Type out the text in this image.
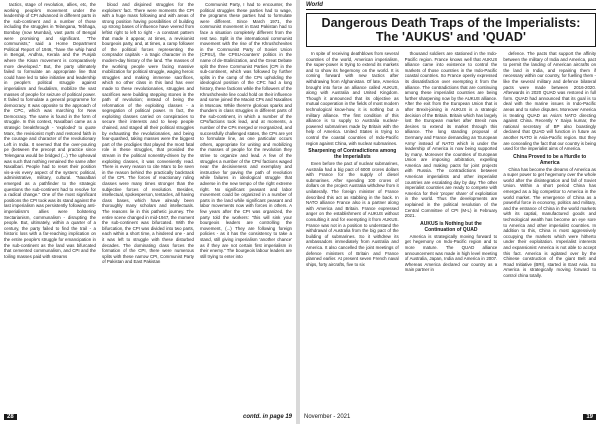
tactics, stage of revolution, allies, etc, the working people's movement under the leadership of CPI advanced in different parts in the sub-continent and a number of those including the struggles in Telangana, Tebhaga, Bombay (now Mumbai), vast parts of Bengal were promising and significant. "The communists," said a Home Department Political Report of 1946, "have the whip hand in Bengal, Andhra, Kerala and the Punjab where the Kisan movement is comparatively more developed." But, the party ultimately failed to formulate an appropriate line that could have led to take initiative and leadership in people's political struggle against imperialism and feudalism, mobilize the vast masses of people for seizure of political power. It failed to formulate a general programme for democracy. It was opposite to the approach of the CPC, which was marching for New Democracy. The same is found in the form of struggle. In this context, Naxalbari came as a strategic breakthrough - 'exploded' to quote Marx, the revisionist myth and restored faith in the courage and character of the revolutionary Left in India. It seemed that the over-pouring pe (between the precept and practice since Telengana would be bridged (...) The upheaval was such that nothing remained the same after Naxalbari. People had to reset their position vis-a-vis every aspect of the system; political, administrative, military, cultural. "Naxalbari emerged as a pathfinder to the strategic questions the sub-continent had to resolve for a radical change." One of the most significant positions the CPI took was its stand against the last imperialism was persistently following anti-imperialism's allies were bolstering Sectarianism, communalism - disrupting the people. But, ultimately, within a quarter of a century, the party failed to find the trail - a historic loss with a far-reaching implication on the entire people's struggle for emancipation in the sub-continent as the land was bifurcated that cemented communalism, and CPI and the toiling masses paid with streams

blood and disjoined struggles for the exploiters' fact. There were moments the CPI with a huge mass following and with areas of strong position having possibilities of building up strong bases of influence have veered from leftist right to left to right - a constant pattern that made it appear, at times, a revisionist bourgeois party, and, at times, a camp follower of the political forces representing the comprador capitals - a tragic character in the modern-day history of the land. The masses of the working people were facing massive mobilization for political struggle, waging heroic struggles and making immense sacrifices, which no other class in this land has ever made to these revolutionaries, struggles and sacrifices were building stepping stones in the path of revolution; instead of being the reformation of the exploiting classes - a segregation of political power. In fact, the exploiting classes carried on conspiracies to secure their interests and to keep people chained, and staged all their political struggles by exhausting the revolutionaries, and being fear-quashed, taking masses were the biggest part of the prodigies that played the most fatal role in these struggles, that provided the stream in the political nonentity-driven by the exploiting classes, it was conveniently read. There is every reason to cite Marx to be seen in the reason behind the practically backtrack of the CPI. The forces of reactionary ruling classes were many times stronger than the subjective forces of revolution. Besides, intellectual, spokesperson, tentacles, all having class bases, which have already been thoroughly many scholars and intellectuals. The reasons lie in this pathetic journey. The entire scene changed in mid-1947, the moment the sub-continent was bifurcated. With the bifurcation, the CPI was divided into two parts, each within a short time, a hindered one - and it was left to struggle with these disturbed decades. The dominating class forces the formation of the CPI, there were numerous splits with these narrow CPI, Communist Party of Pakistan and East Pakistan

Communist Party, I had to encounter, the political struggles these parties had to wage, the programs these parties had to formulate were different. Since March 1971, the communist movement in East Pakistan had to face a situation completely different from the rest two. Split in the international communist movement with the rise of the Khrushchevites in the Communist Party of Soviet Union (CPSU), the CPSU-counters' politics in the name of de-Stalinization, and the Great Debate split the three Communist Parties (CPI in the sub-continent, which was followed by further splits in the camp of the CPs upholding the ideological position of the CPC had a long history, these factions while the followers of the Khrushchevite line could hold on their influence and some joined the Maoist CPs and Naxalites in Moscow. While there're glorious sparks and thunders in class struggles in different parts of the sub-continent, in which a number of the CPs/factions took lead, and at moments, a number of the CPs merged or reorganized, and successfully challenged states, the CPs are yet to formulate line, as one particular occurs others, appropriate for uniting and mobilizing the masses of people for the revolution they strive to organize and lead. A few of the struggles a number of the CPs/ factions waged near the decisiveness and exemplary and instructive for paving the path of revolution while failures in ideological struggle that adverse in the new tempo of the right extreme right. No significant peasant and labor movement could be organized in a number of parts in the land while significant peasant and labor movements now with forces in others. A few years after the CPI was organized, the party told the workers: "this will sink your bourgeois leaders are controlling the movement, (...) They are following foreign policies - as it has the consistency to take a stand, still giving imperialism 'another chance' as if they are not certain first imperialism in their enemy." The bourgeois labour leaders are still trying to enter into

28	contd. in page 19
World
Dangerous Death Traps of the Imperialists:
The 'AUKUS' and 'QUAD'

In spite of receiving deathblows from several countries of the world, American imperialism, the super-power is trying to extend its markets and to show its hegemony on the world. It is coming forward with new tactics after withdrawing from Afghanistan. Of late, America brought into force an alliance called AUKUS, along with Australia and United Kingdom. Though it announced that its objective as mutual cooperation in the fields of most modern technological know-how, it is nothing but a military alliance. The first condition of this alliance is to supply to Australia nuclear-powered submarines made by Britain with the help of America. United States is trying to control the coastal countries of Indo-Pacific region against China, with nuclear submarines.

Sharpening of Contradictions among the Imperialists

Even before the pact of nuclear submarines, Australia had a big pact of 6000 crores dollars with France for the supply of diesel submarines. After spending 100 crores of dollars on the project Australia withdrew from it unilaterally. The foreign minister of France described this act as stabbing in the back. In NATO alliance France also is a partner along with America and Britain. France expressed anger on the establishment of AUKUS without consulting it and for exempting it from AUKUS. France was not in a position to understand the withdrawal of Australia from the big pact of the building of submarines. So it withdrew its ambassadors immediately from Australia and America. It also cancelled the joint meetings of defence ministers of Britain and France planned earlier. At present seven French naval ships, forty aircrafts, five to six

thousand soldiers are stationed in the Indo-Pacific region. France knows well that AUKUS alliance came into existence to control the markets of those countries in the Indo-Pacific coastal countries. So France openly expressed its dissatisfaction over exempting it from the alliance. The contradictions that are continuing among these imperialist countries are being further sharpening now by the AUKUS alliance. After the exit from the European Union that is after Brexit-joining in AUKUS is a strategic decision of the Britain. Britain which has largely lost the European market after Brexit now desires to extend its market through this alliance. The long standing proposal of Germany and France demanding an 'European Army' instead of NATO which is under the leadership of America is now being supported by many. Moreover the countries of European Union are imposing arbitration, expelling America and making pacts for joint projects with Russia. The contradictions between American imperialists and other imperialist countries are escalating day by day. The other imperialist countries are ready to compete with America for their 'proper share' of exploitation in the world. Thus the developments are explained in the political resolution of the Central Committee of CPI (M-L) in February 2021.

AUKUS is Nothing but the Continuation of QUAD

America is strategically moving forward to get hegemony on Indo-Pacific region and to more mature. The QUAD alliance announcement was made in high level meeting of Australia, Japan, India and America in 2007. Whereas America declared our country as a main partner in

defence. The pacts that support the affinity between the military of India and America, pact to permit the landing of American aircrafts on the land in India, and repairing them if necessary within our country, for fuelling them - like the several military and defence bilateral pacts were made between 2016-2020. Afterwards in 2020 QUAD was restored in full form. QUAD had announced that its goal is to deal with the marine issues in Indo-Pacific areas and to solve disputes. Moreover America is treating QUAD as Asia's NATO directing against China. Recently Y Saiya kumar, the national secretary of BP also boastingly declared that QUAD will function in future as another NATO in Asia-Pacific region. But they are concealing the fact that our country is being used for the imperialist aims of America.

China Proved to be a Hurdle to America

China has become the dreams of America as a super power to get hegemony over the whole world after the disintegration and fall of Soviet Union. Within a short period China has emerged as a big competitor to America in the world market. The emergence of China as a powerful force in economy, politics and military, and the entrance of China in the world markets with its captial, manufactured goods and technological wealth has become an eye sore to America and other imperialist countries. In addition to this, China is most aggressively occupying the markets which were hitherto under their exploitation. Imperialist interests and expansionist America is not able to accept this fact. America is agitated over by the Chinese construction of the giant Belt and Road Initiative (BRI), started in East Asia. So America is strategically moving forward to control china totally.

November - 2021	19
